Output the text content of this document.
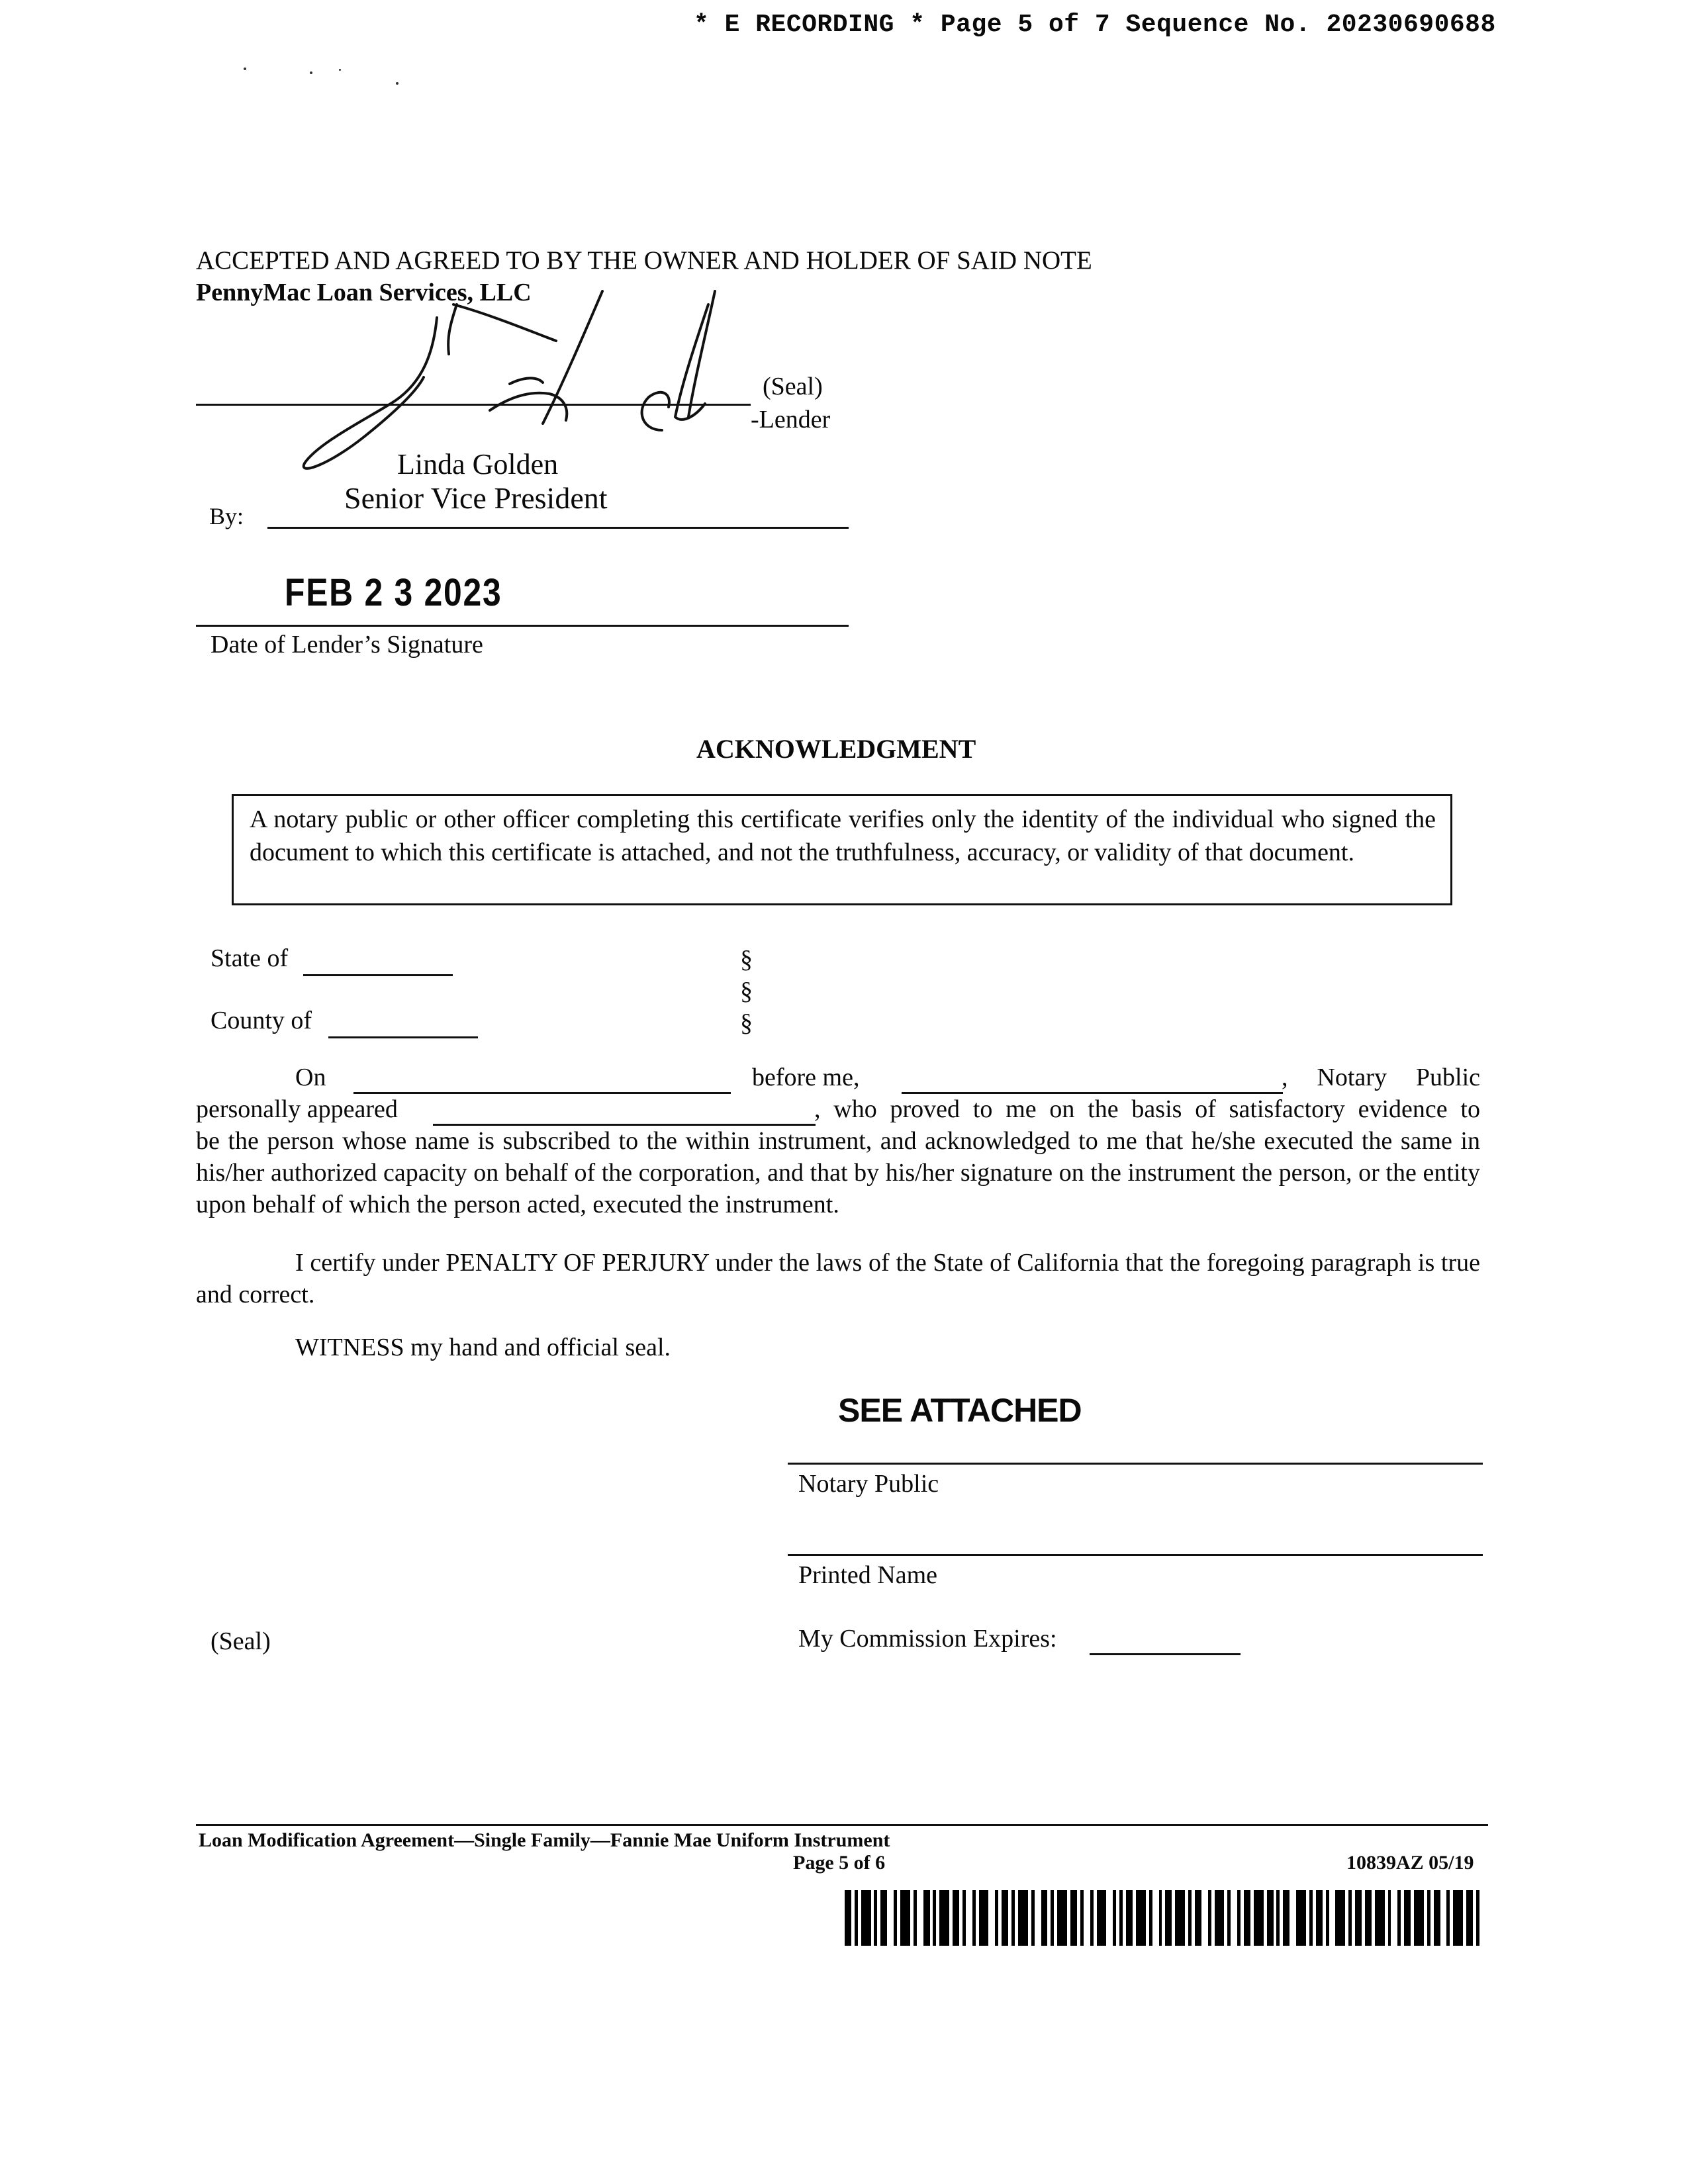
* E RECORDING * Page 5 of 7 Sequence No. 20230690688
ACCEPTED AND AGREED TO BY THE OWNER AND HOLDER OF SAID NOTE
PennyMac Loan Services, LLC
(Seal)
-Lender
Linda Golden
Senior Vice President
By:
FEB 2 3 2023
Date of Lender’s Signature
ACKNOWLEDGMENT
A notary public or other officer completing this certificate verifies only the identity of the individual who signed the document to which this certificate is attached, and not the truthfulness, accuracy, or validity of that document.
State of
County of
§
§
§
On	before me,	, Notary Public
personally appeared	, who proved to me on the basis of satisfactory evidence to
be the person whose name is subscribed to the within instrument, and acknowledged to me that he/she executed the same in his/her authorized capacity on behalf of the corporation, and that by his/her signature on the instrument the person, or the entity upon behalf of which the person acted, executed the instrument.
I certify under PENALTY OF PERJURY under the laws of the State of California that the foregoing paragraph is true and correct.
WITNESS my hand and official seal.
SEE ATTACHED
Notary Public
Printed Name
(Seal)	My Commission Expires:
Loan Modification Agreement—Single Family—Fannie Mae Uniform Instrument
Page 5 of 6	10839AZ 05/19
